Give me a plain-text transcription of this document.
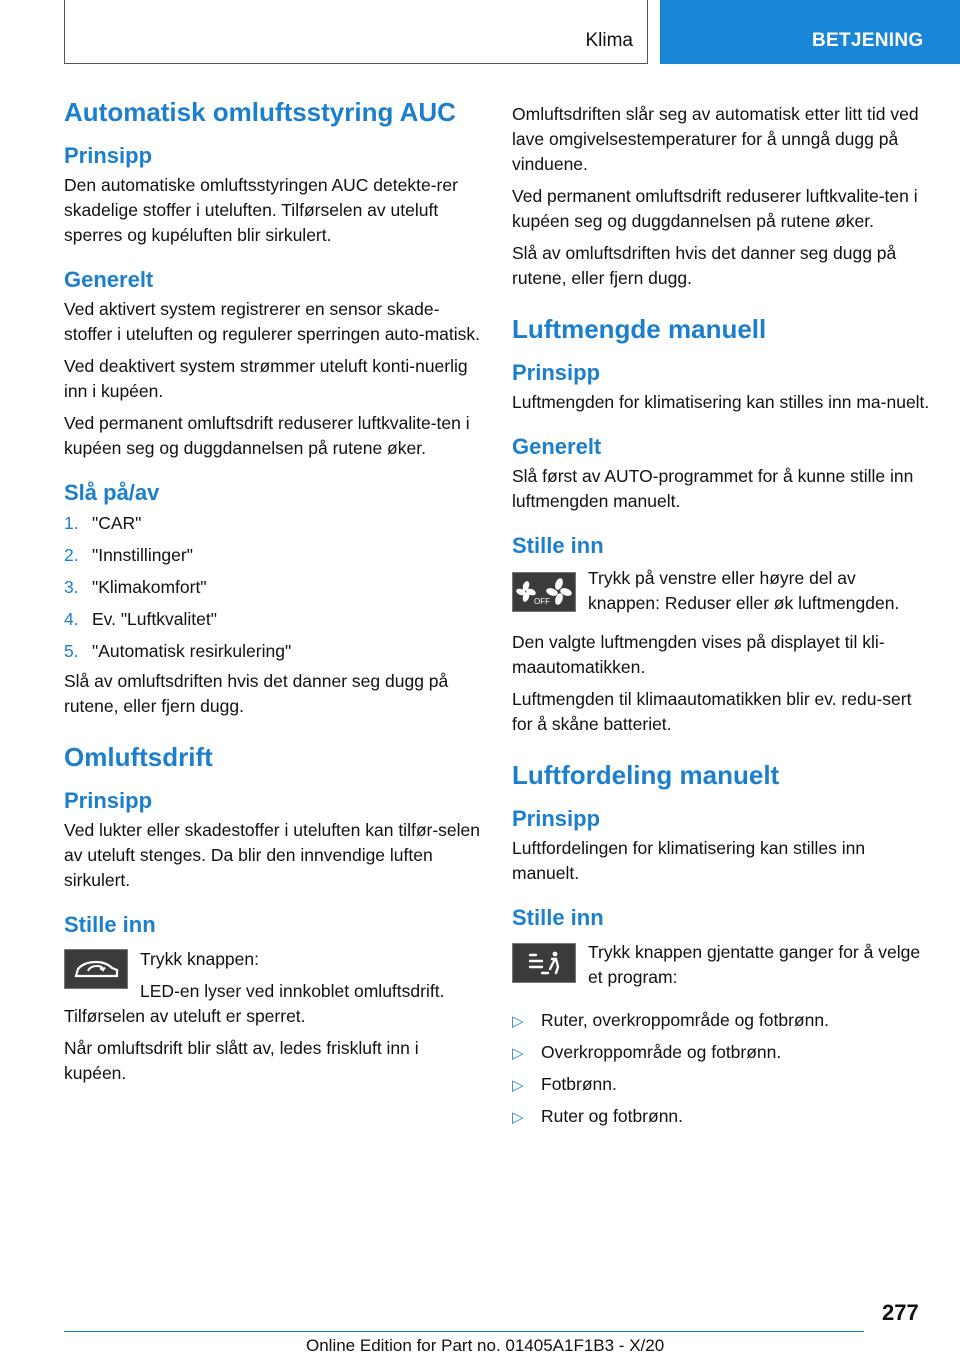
Klima	BETJENING
Automatisk omluftsstyring AUC
Prinsipp

Den automatiske omluftsstyringen AUC detekte-rer skadelige stoffer i uteluften. Tilførselen av uteluft sperres og kupéluften blir sirkulert.

Generelt

Ved aktivert system registrerer en sensor skade-stoffer i uteluften og regulerer sperringen auto-matisk.

Ved deaktivert system strømmer uteluft konti-nuerlig inn i kupéen.

Ved permanent omluftsdrift reduserer luftkvalite-ten i kupéen seg og duggdannelsen på rutene øker.

Slå på/av
1. "CAR"
2. "Innstillinger"
3. "Klimakomfort"
4. Ev. "Luftkvalitet"
5. "Automatisk resirkulering"

Slå av omluftsdriften hvis det danner seg dugg på rutene, eller fjern dugg.

Omluftsdrift
Prinsipp

Ved lukter eller skadestoffer i uteluften kan tilfør-selen av uteluft stenges. Da blir den innvendige luften sirkulert.

Stille inn

Trykk knappen:

LED-en lyser ved innkoblet omluftsdrift.

Tilførselen av uteluft er sperret.

Når omluftsdrift blir slått av, ledes friskluft inn i kupéen.

Omluftsdriften slår seg av automatisk etter litt tid ved lave omgivelsestemperaturer for å unngå dugg på vinduene.

Ved permanent omluftsdrift reduserer luftkvalite-ten i kupéen seg og duggdannelsen på rutene øker.

Slå av omluftsdriften hvis det danner seg dugg på rutene, eller fjern dugg.

Luftmengde manuell
Prinsipp

Luftmengden for klimatisering kan stilles inn ma-nuelt.

Generelt

Slå først av AUTO-programmet for å kunne stille inn luftmengden manuelt.

Stille inn
OFF

Trykk på venstre eller høyre del av knappen: Reduser eller øk luftmengden.

Den valgte luftmengden vises på displayet til kli-maautomatikken.

Luftmengden til klimaautomatikken blir ev. redu-sert for å skåne batteriet.

Luftfordeling manuelt
Prinsipp

Luftfordelingen for klimatisering kan stilles inn manuelt.

Stille inn

Trykk knappen gjentatte ganger for å velge et program:

▷ Ruter, overkroppområde og fotbrønn.
▷ Overkroppområde og fotbrønn.
▷ Fotbrønn.
▷ Ruter og fotbrønn.
277
Online Edition for Part no. 01405A1F1B3 - X/20
